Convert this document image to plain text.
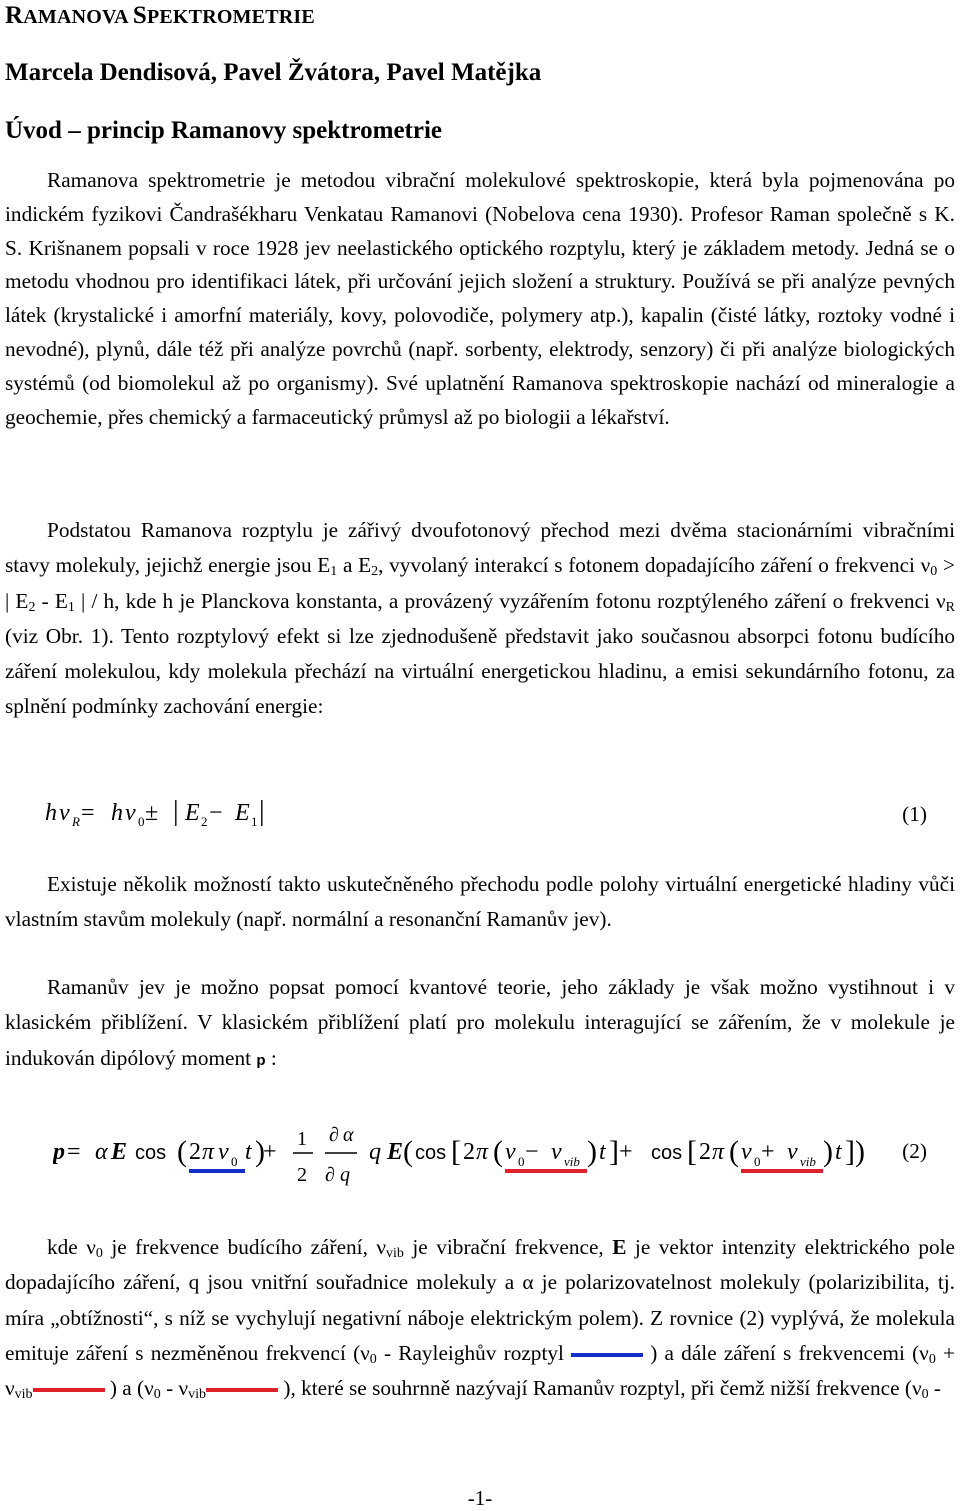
RAMANOVA SPEKTROMETRIE
Marcela Dendisová, Pavel Žvátora, Pavel Matějka
Úvod – princip Ramanovy spektrometrie
Ramanova spektrometrie je metodou vibrační molekulové spektroskopie, která byla pojmenována po indickém fyzikovi Čandrašékharu Venkatau Ramanovi (Nobelova cena 1930). Profesor Raman společně s K. S. Krišnanem popsali v roce 1928 jev neelastického optického rozptylu, který je základem metody. Jedná se o metodu vhodnou pro identifikaci látek, při určování jejich složení a struktury. Používá se při analýze pevných látek (krystalické i amorfní materiály, kovy, polovodiče, polymery atp.), kapalin (čisté látky, roztoky vodné i nevodné), plynů, dále též při analýze povrchů (např. sorbenty, elektrody, senzory) či při analýze biologických systémů (od biomolekul až po organismy). Své uplatnění Ramanova spektroskopie nachází od mineralogie a geochemie, přes chemický a farmaceutický průmysl až po biologii a lékařství.
Podstatou Ramanova rozptylu je zářivý dvoufotonový přechod mezi dvěma stacionárními vibračními stavy molekuly, jejichž energie jsou $E_1$ a $E_2$, vyvolaný interakcí s fotonem dopadajícího záření o frekvenci $\nu_0$ > | $E_2 - E_1$ | / h, kde h je Planckova konstanta, a provázený vyzářením fotonu rozptýleného záření o frekvenci $\nu_R$ (viz Obr. 1). Tento rozptylový efekt si lze zjednodušeně představit jako současnou absorpci fotonu budícího záření molekulou, kdy molekula přechází na virtuální energetickou hladinu, a emisi sekundárního fotonu, za splnění podmínky zachování energie:
h ν R = h ν 0 ± | E 2 − E 1 |	(1)
Existuje několik možností takto uskutečněného přechodu podle polohy virtuální energetické hladiny vůči vlastním stavům molekuly (např. normální a resonanční Ramanův jev).
Ramanův jev je možno popsat pomocí kvantové teorie, jeho základy je však možno vystihnout i v klasickém přiblížení. V klasickém přiblížení platí pro molekulu interagující se zářením, že v molekule je indukován dipólový moment p :
p = α E cos ( 2 π ν 0 t )
+ 1
2
∂ α
∂ q
q E ( cos [ 2 π ( ν 0 − ν vib ) t ] + cos [ 2 π ( ν 0 + ν vib ) t ] ) (2)
kde $\nu_0$ je frekvence budícího záření, $\nu_{vib}$ je vibrační frekvence, E je vektor intenzity elektrického pole dopadajícího záření, q jsou vnitřní souřadnice molekuly a α je polarizovatelnost molekuly (polarizibilita, tj. míra „obtížnosti“, s níž se vychylují negativní náboje elektrickým polem). Z rovnice (2) vyplývá, že molekula emituje záření s nezměněnou frekvencí ($\nu_0$ - Rayleighův rozptyl	) a dále záření s frekvencemi ($\nu_0 + \nu_{vib}$	) a ($\nu_0 - \nu_{vib}$	), které se souhrnně nazývají Ramanův rozptyl, při čemž nižší frekvence ($\nu_0$ -
-1-
